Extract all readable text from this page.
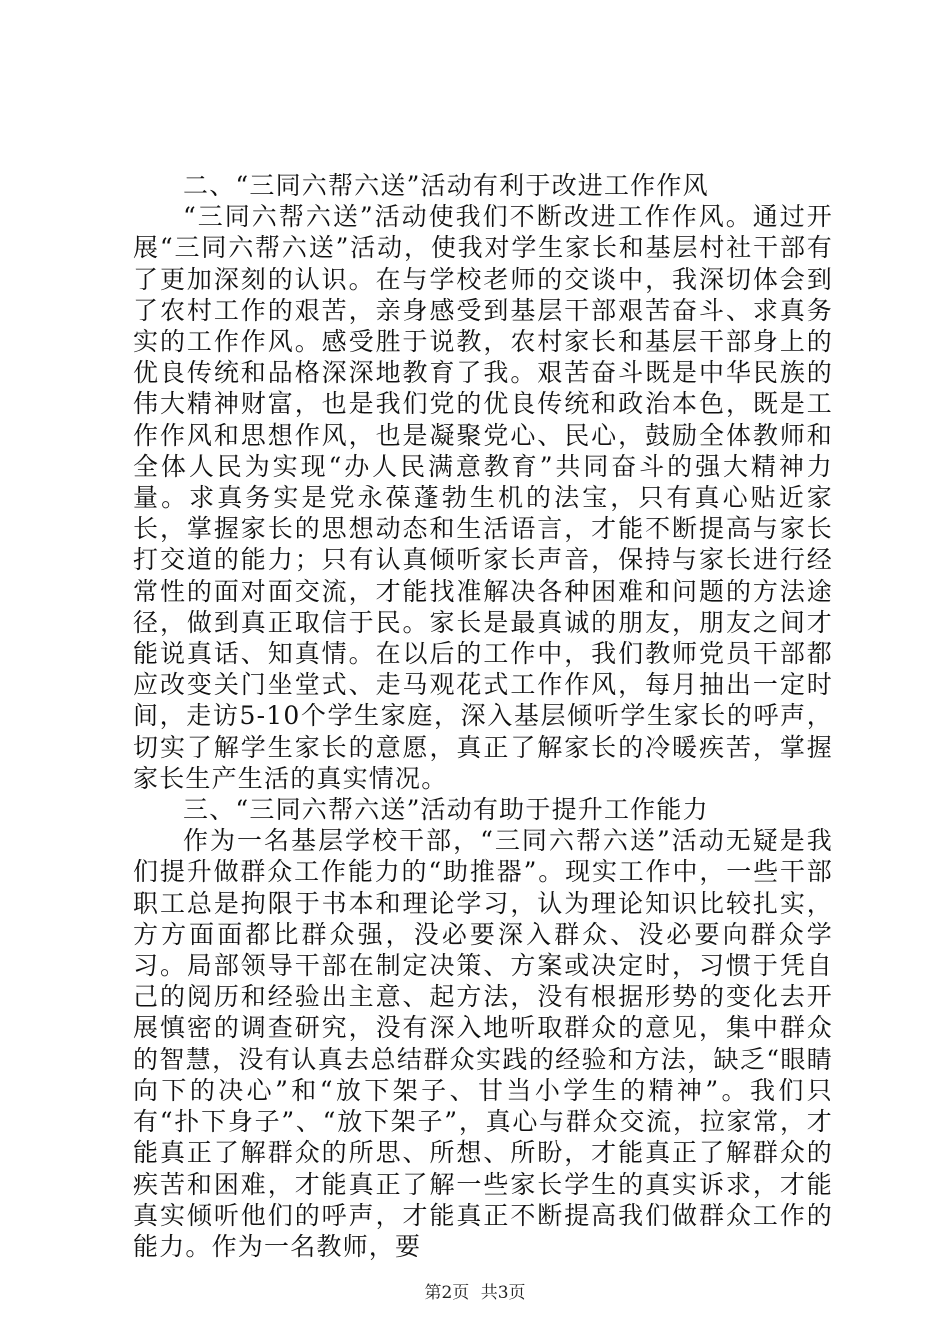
二、“三同六帮六送”活动有利于改进工作作风

“三同六帮六送”活动使我们不断改进工作作风。通过开展“三同六帮六送”活动，使我对学生家长和基层村社干部有了更加深刻的认识。在与学校老师的交谈中，我深切体会到了农村工作的艰苦，亲身感受到基层干部艰苦奋斗、求真务实的工作作风。感受胜于说教，农村家长和基层干部身上的优良传统和品格深深地教育了我。艰苦奋斗既是中华民族的伟大精神财富，也是我们党的优良传统和政治本色，既是工作作风和思想作风，也是凝聚党心、民心，鼓励全体教师和全体人民为实现“办人民满意教育”共同奋斗的强大精神力量。求真务实是党永葆蓬勃生机的法宝，只有真心贴近家长，掌握家长的思想动态和生活语言，才能不断提高与家长打交道的能力；只有认真倾听家长声音，保持与家长进行经常性的面对面交流，才能找准解决各种困难和问题的方法途径，做到真正取信于民。家长是最真诚的朋友，朋友之间才能说真话、知真情。在以后的工作中，我们教师党员干部都应改变关门坐堂式、走马观花式工作作风，每月抽出一定时间，走访5-10个学生家庭，深入基层倾听学生家长的呼声，切实了解学生家长的意愿，真正了解家长的冷暖疾苦，掌握家长生产生活的真实情况。

三、“三同六帮六送”活动有助于提升工作能力

作为一名基层学校干部，“三同六帮六送”活动无疑是我们提升做群众工作能力的“助推器”。现实工作中，一些干部职工总是拘限于书本和理论学习，认为理论知识比较扎实，方方面面都比群众强，没必要深入群众、没必要向群众学习。局部领导干部在制定决策、方案或决定时，习惯于凭自己的阅历和经验出主意、起方法，没有根据形势的变化去开展慎密的调查研究，没有深入地听取群众的意见，集中群众的智慧，没有认真去总结群众实践的经验和方法，缺乏“眼睛向下的决心”和“放下架子、甘当小学生的精神”。我们只有“扑下身子”、“放下架子”，真心与群众交流，拉家常，才能真正了解群众的所思、所想、所盼，才能真正了解群众的疾苦和困难，才能真正了解一些家长学生的真实诉求，才能真实倾听他们的呼声，才能真正不断提高我们做群众工作的能力。作为一名教师，要

第2页 共3页
